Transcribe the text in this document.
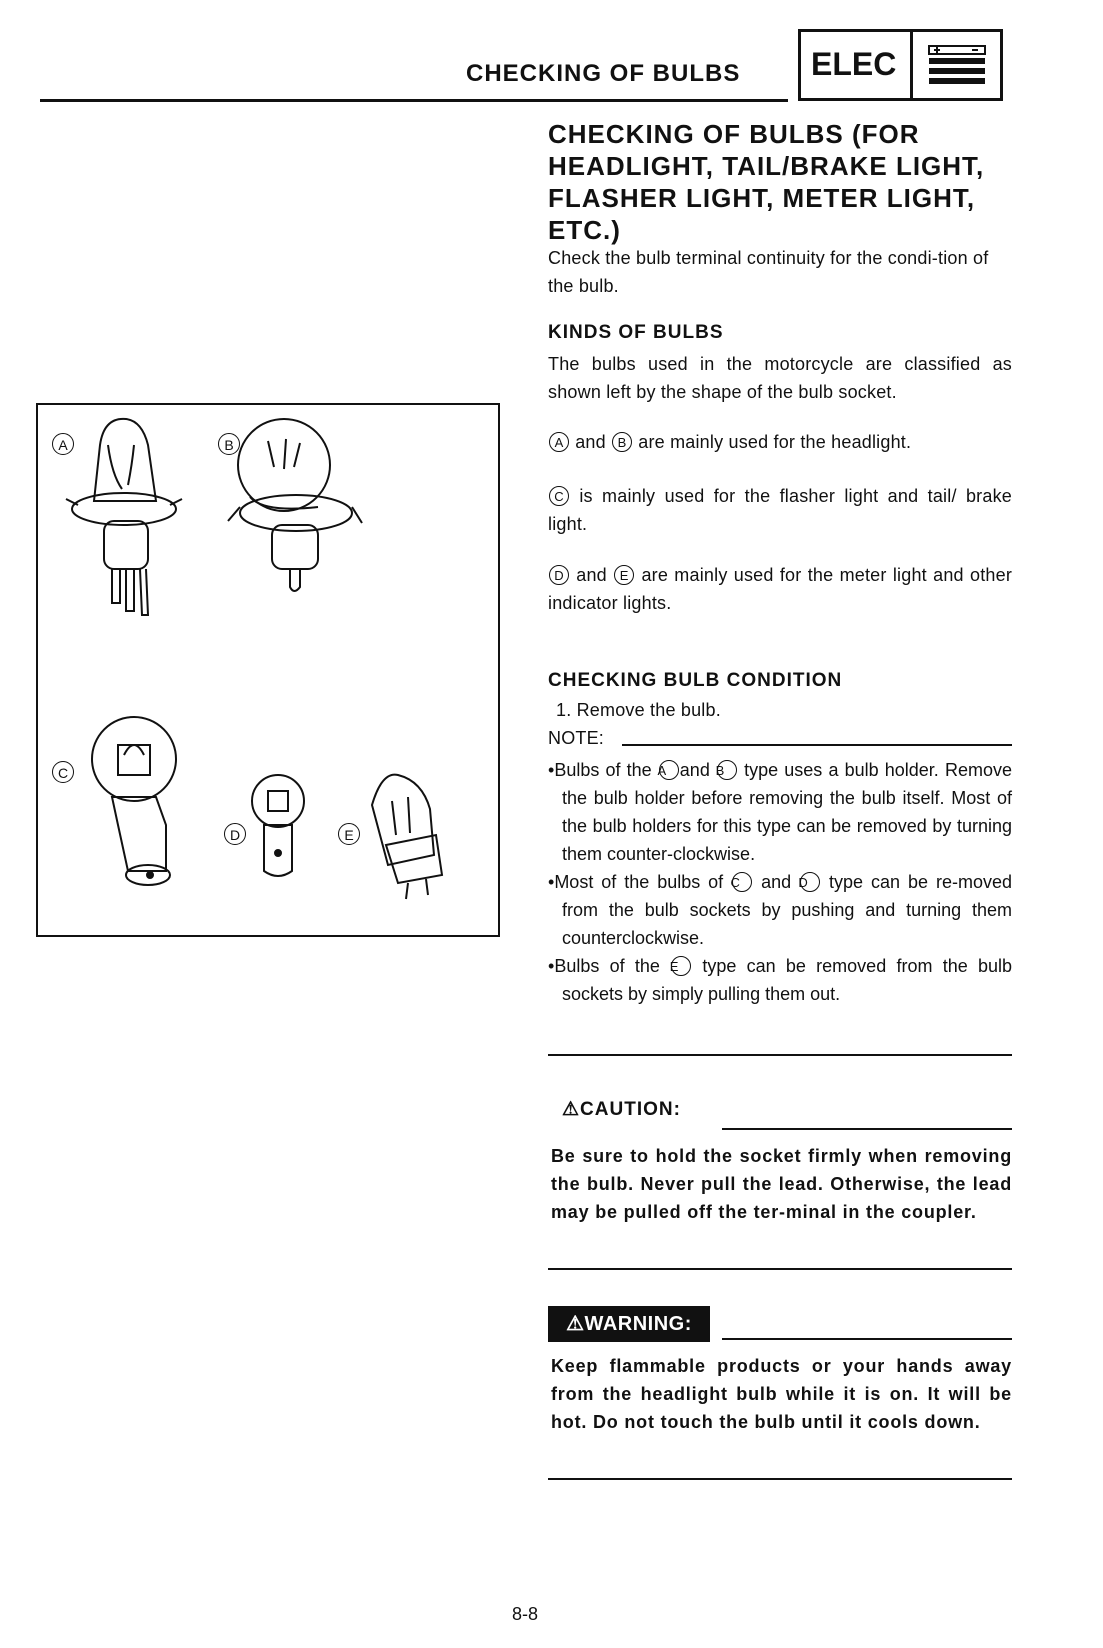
CHECKING OF BULBS ELEC
CHECKING OF BULBS (FOR HEADLIGHT, TAIL/BRAKE LIGHT, FLASHER LIGHT, METER LIGHT, ETC.)
Check the bulb terminal continuity for the condi-tion of the bulb.
KINDS OF BULBS
The bulbs used in the motorcycle are classified as shown left by the shape of the bulb socket.
A and B are mainly used for the headlight.
C is mainly used for the flasher light and tail/ brake light.
D and E are mainly used for the meter light and other indicator lights.
CHECKING BULB CONDITION
1. Remove the bulb.
NOTE:

•Bulbs of the A and B type uses a bulb holder. Remove the bulb holder before removing the bulb itself. Most of the bulb holders for this type can be removed by turning them counter-clockwise.

•Most of the bulbs of C and D type can be re-moved from the bulb sockets by pushing and turning them counterclockwise.

•Bulbs of the E type can be removed from the bulb sockets by simply pulling them out.

⚠CAUTION:
Be sure to hold the socket firmly when removing the bulb. Never pull the lead. Otherwise, the lead may be pulled off the ter-minal in the coupler.
⚠WARNING:
Keep flammable products or your hands away from the headlight bulb while it is on. It will be hot. Do not touch the bulb until it cools down.
A	B
C
D	E
8-8
